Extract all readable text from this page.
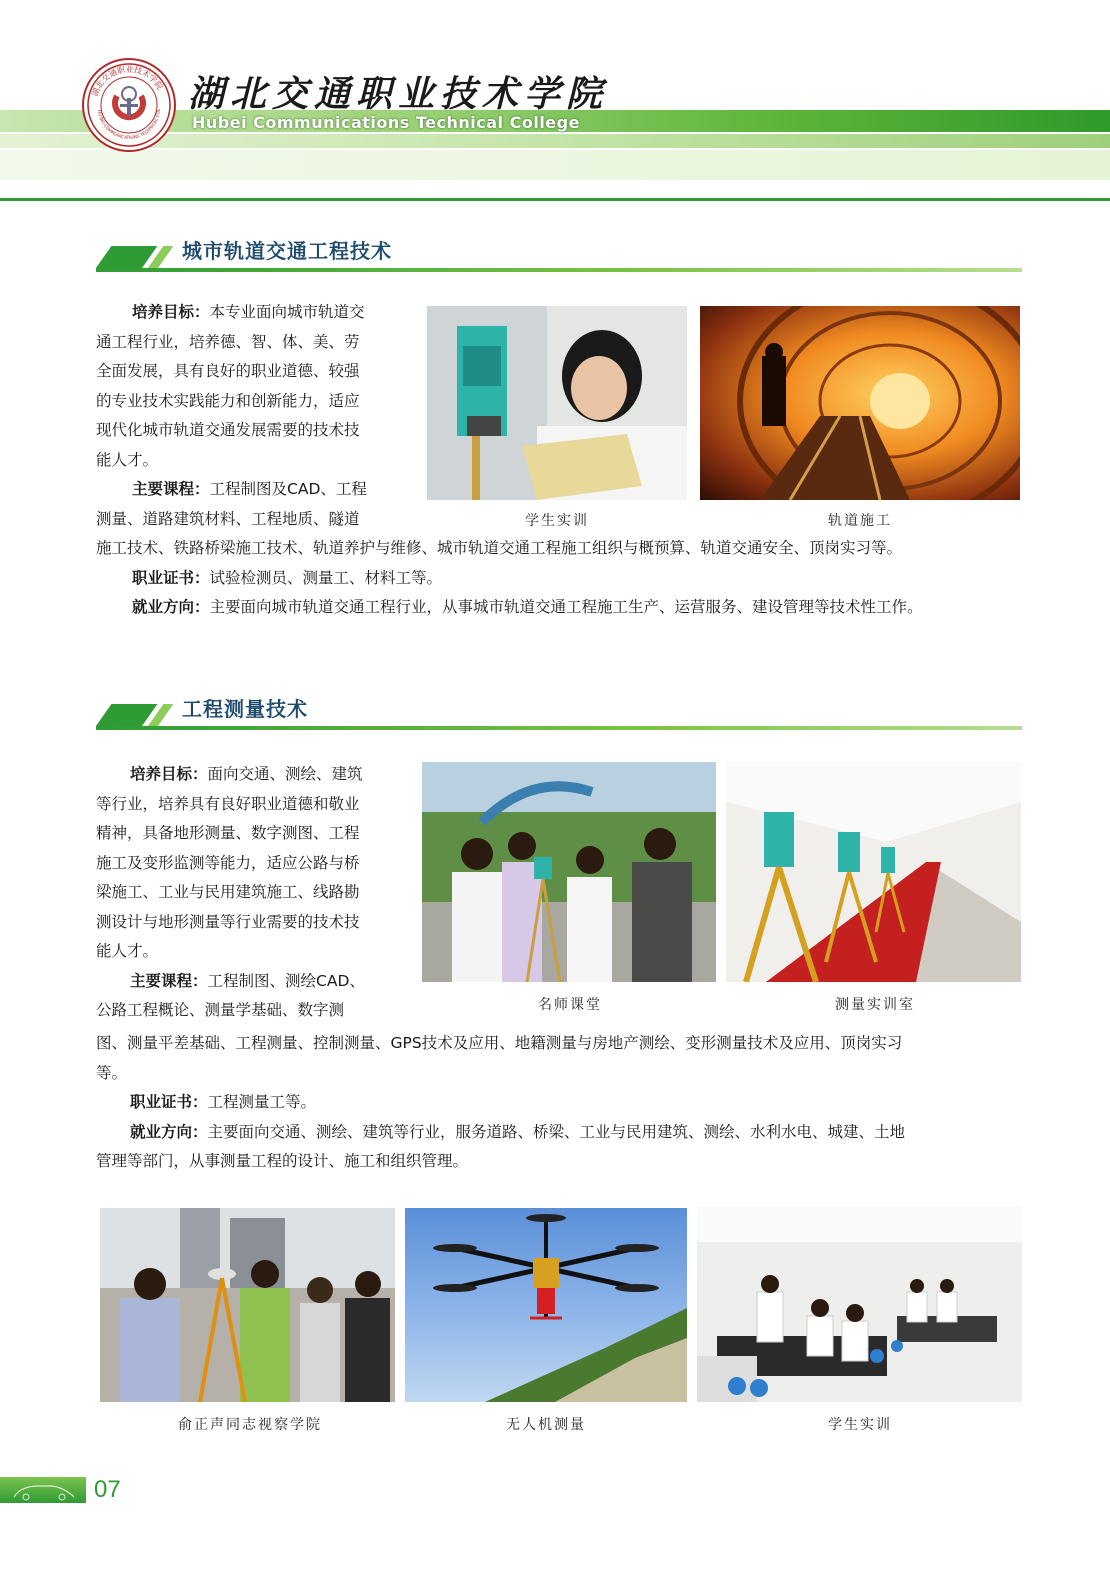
湖北交通职业技术学院
HU BEI COMMUNICATIONS TECHNICAL COL 湖北交通职业技术学院
Hubei Communications Technical College
城市轨道交通工程技术
培养目标：本专业面向城市轨道交
通工程行业，培养德、智、体、美、劳
全面发展，具有良好的职业道德、较强
的专业技术实践能力和创新能力，适应
现代化城市轨道交通发展需要的技术技
能人才。
主要课程：工程制图及CAD、工程
测量、道路建筑材料、工程地质、隧道
施工技术、铁路桥梁施工技术、轨道养护与维修、城市轨道交通工程施工组织与概预算、轨道交通安全、顶岗实习等。
职业证书：试验检测员、测量工、材料工等。
就业方向：主要面向城市轨道交通工程行业，从事城市轨道交通工程施工生产、运营服务、建设管理等技术性工作。
学生实训	轨道施工
工程测量技术
培养目标：面向交通、测绘、建筑
等行业，培养具有良好职业道德和敬业
精神，具备地形测量、数字测图、工程
施工及变形监测等能力，适应公路与桥
梁施工、工业与民用建筑施工、线路勘
测设计与地形测量等行业需要的技术技
能人才。
主要课程：工程制图、测绘CAD、
公路工程概论、测量学基础、数字测
图、测量平差基础、工程测量、控制测量、GPS技术及应用、地籍测量与房地产测绘、变形测量技术及应用、顶岗实习
等。
职业证书：工程测量工等。
就业方向：主要面向交通、测绘、建筑等行业，服务道路、桥梁、工业与民用建筑、测绘、水利水电、城建、土地
管理等部门，从事测量工程的设计、施工和组织管理。
名师课堂	测量实训室
俞正声同志视察学院	无人机测量	学生实训
07
